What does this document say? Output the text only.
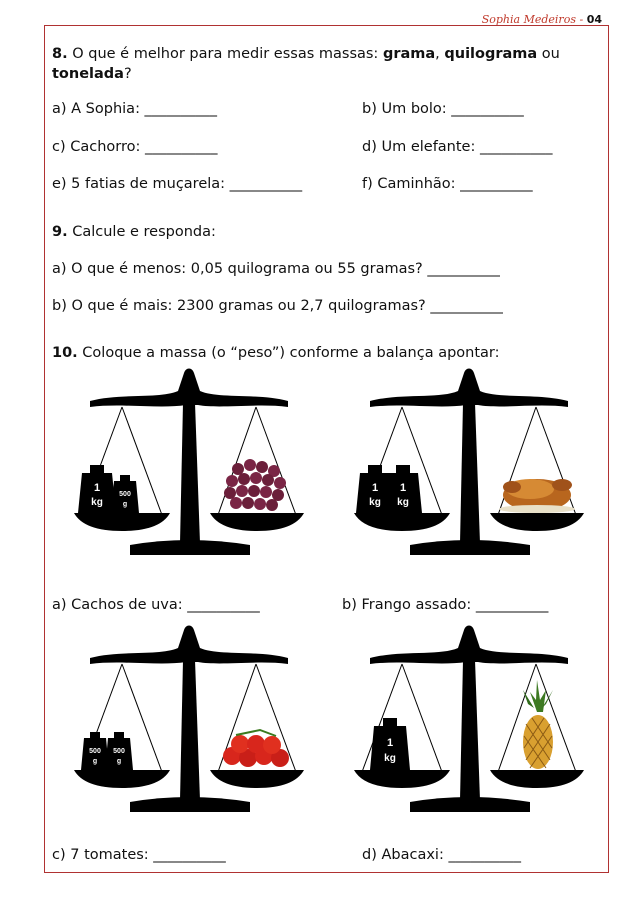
Sophia Medeiros - 04
8. O que é melhor para medir essas massas: grama, quilograma ou
tonelada?
a) A Sophia: __________	b) Um bolo: __________
c) Cachorro: __________	d) Um elefante: __________
e) 5 fatias de muçarela: __________	f) Caminhão: __________
9. Calcule e responda:
a) O que é menos: 0,05 quilograma ou 55 gramas? __________
b) O que é mais: 2300 gramas ou 2,7 quilogramas? __________
10. Coloque a massa (o “peso”) conforme a balança apontar:
1
kg
500
g
1
kg
1
kg
a) Cachos de uva: __________	b) Frango assado: __________
500
g
500
g
1
kg
c) 7 tomates: __________	d) Abacaxi: __________
